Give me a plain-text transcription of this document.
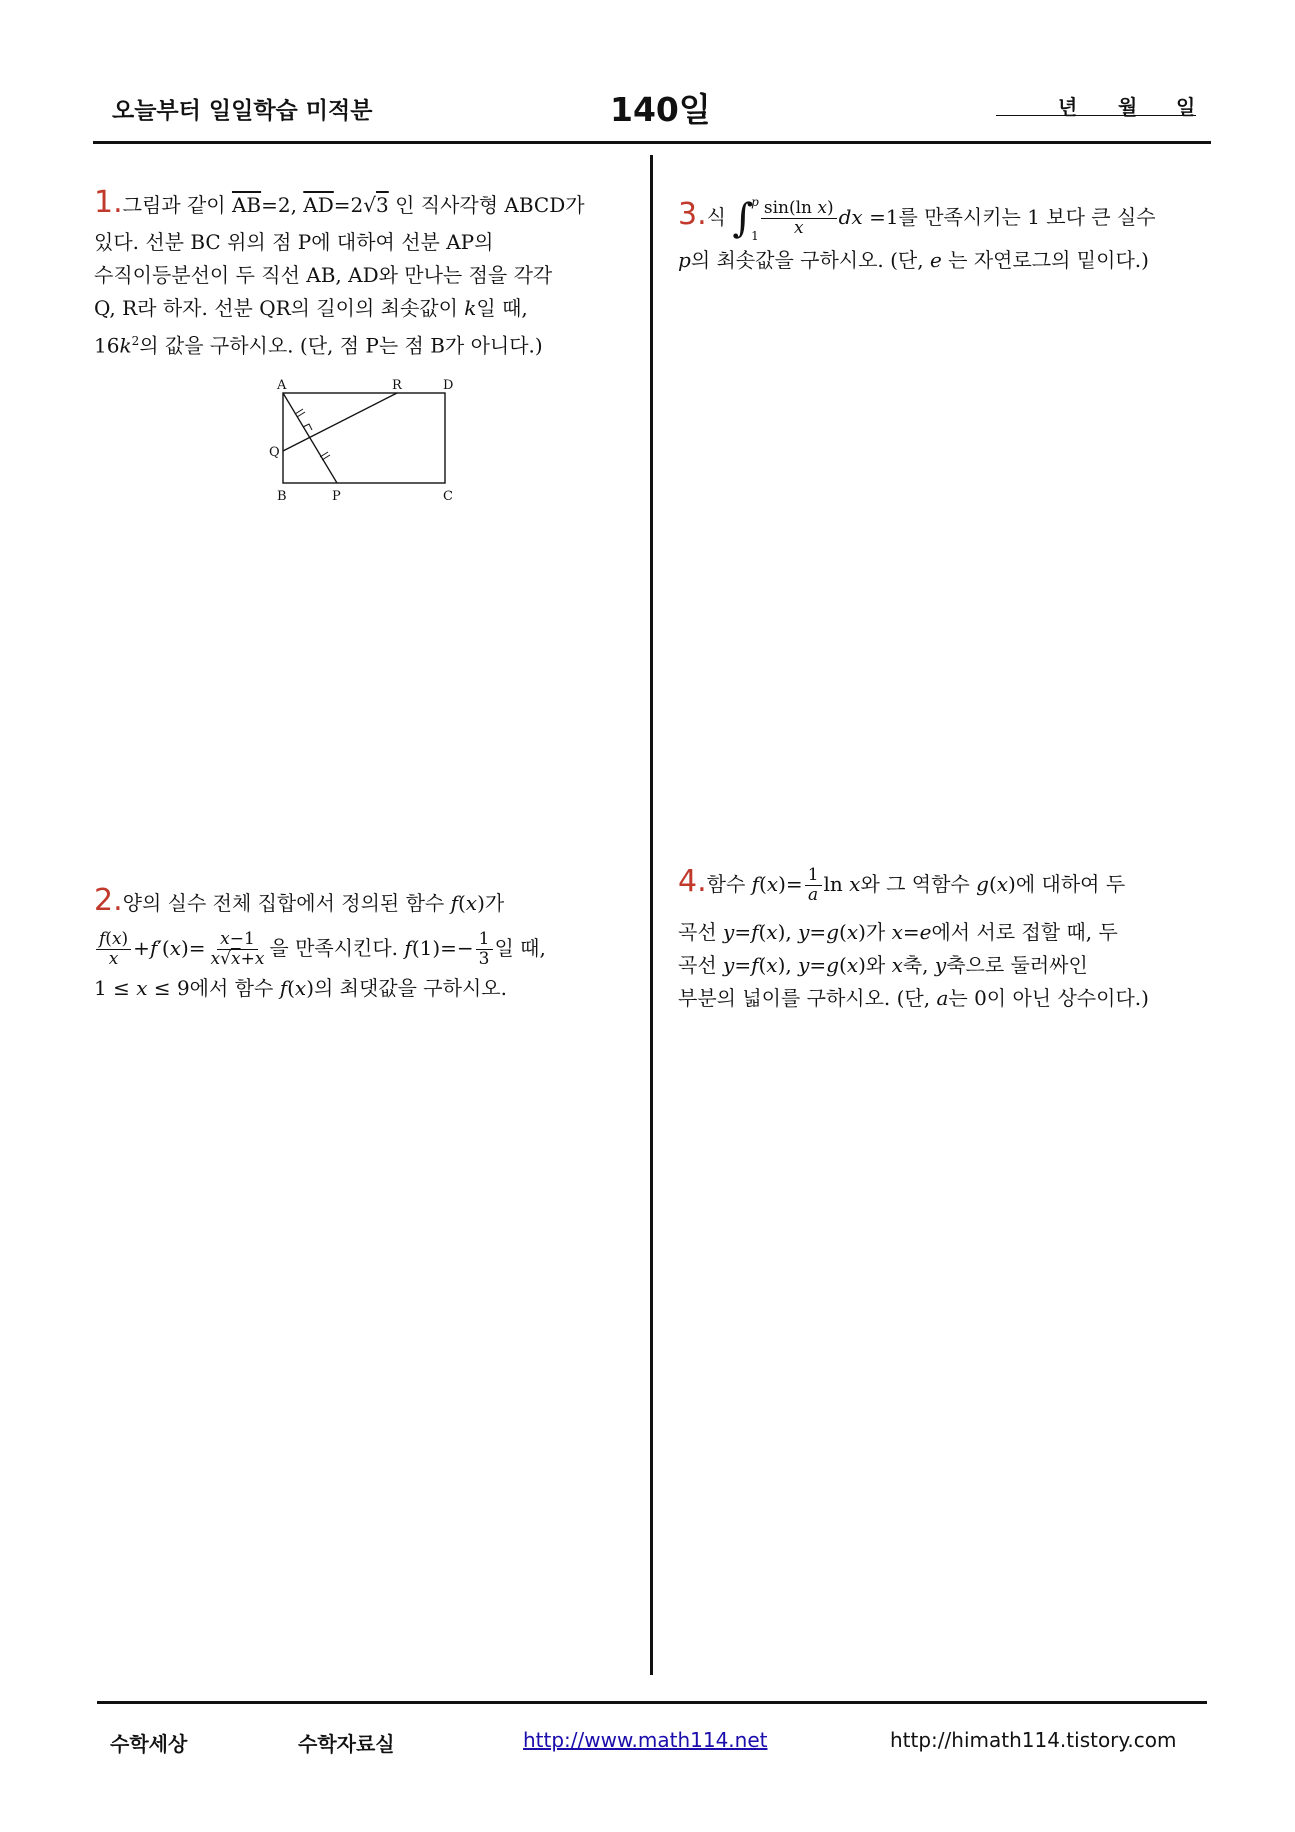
오늘부터 일일학습 미적분	140일	년 월 일

1.그림과 같이 $\overline{AB}=2$, $\overline{AD}=2√3$ 인 직사각형 ABCD가

있다. 선분 BC 위의 점 P에 대하여 선분 AP의

수직이등분선이 두 직선 AB, AD와 만나는 점을 각각

Q, R라 하자. 선분 QR의 길이의 최솟값이 k일 때,

$16k^2$의 값을 구하시오. (단, 점 P는 점 B가 아니다.)

A	R	D
Q
B	P	C

2.양의 실수 전체 집합에서 정의된 함수 f(x)가

$\frac{f(x)}{x} +f'(x)= \frac{x-1}{x√x+x}$ 을 만족시킨다. $f(1)=- \frac{1}{3}$ 일 때,

1 ≤ x ≤ 9에서 함수 f(x)의 최댓값을 구하시오.

3.식 ∫
p
$1 \frac{\text{sin(ln x)}}{x}$ dx =1를 만족시키는 1 보다 큰 실수

p의 최솟값을 구하시오. (단, e 는 자연로그의 밑이다.)

4.함수 $f(x)= \frac{1}{a}$ ln x와 그 역함수 g(x)에 대하여 두

곡선 y=f(x), y=g(x)가 x=e에서 서로 접할 때, 두

곡선 y=f(x), y=g(x)와 x축, y축으로 둘러싸인

부분의 넓이를 구하시오. (단, a는 0이 아닌 상수이다.)

수학세상	수학자료실	http://www.math114.net	http://himath114.tistory.com
